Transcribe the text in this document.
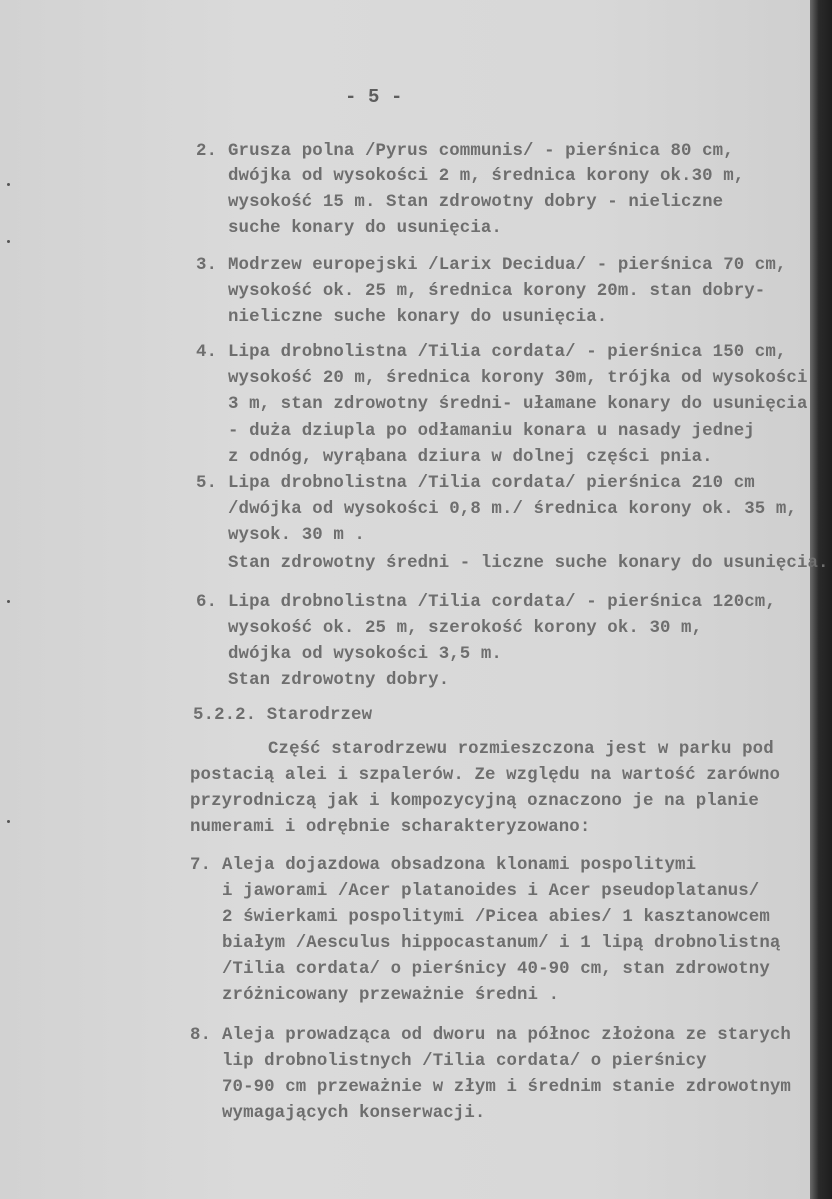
- 5 -
2. Grusza polna /Pyrus communis/ - pierśnica 80 cm,
dwójka od wysokości 2 m, średnica korony ok.30 m,
wysokość 15 m. Stan zdrowotny dobry - nieliczne
suche konary do usunięcia.
3. Modrzew europejski /Larix Decidua/ - pierśnica 70 cm,
wysokość ok. 25 m, średnica korony 20m. stan dobry-
nieliczne suche konary do usunięcia.
4. Lipa drobnolistna /Tilia cordata/ - pierśnica 150 cm,
wysokość 20 m, średnica korony 30m, trójka od wysokości
3 m, stan zdrowotny średni- ułamane konary do usunięcia
- duża dziupla po odłamaniu konara u nasady jednej
z odnóg, wyrąbana dziura w dolnej części pnia.
5. Lipa drobnolistna /Tilia cordata/ pierśnica 210 cm
/dwójka od wysokości 0,8 m./ średnica korony ok. 35 m,
wysok. 30 m .
Stan zdrowotny średni - liczne suche konary do usunięcia.
6. Lipa drobnolistna /Tilia cordata/ - pierśnica 120cm,
wysokość ok. 25 m, szerokość korony ok. 30 m,
dwójka od wysokości 3,5 m.
Stan zdrowotny dobry.
5.2.2. Starodrzew
Część starodrzewu rozmieszczona jest w parku pod
postacią alei i szpalerów. Ze względu na wartość zarówno
przyrodniczą jak i kompozycyjną oznaczono je na planie
numerami i odrębnie scharakteryzowano:
7. Aleja dojazdowa obsadzona klonami pospolitymi
i jaworami /Acer platanoides i Acer pseudoplatanus/
2 świerkami pospolitymi /Picea abies/ 1 kasztanowcem
białym /Aesculus hippocastanum/ i 1 lipą drobnolistną
/Tilia cordata/ o pierśnicy 40-90 cm, stan zdrowotny
zróżnicowany przeważnie średni .
8. Aleja prowadząca od dworu na północ złożona ze starych
lip drobnolistnych /Tilia cordata/ o pierśnicy
70-90 cm przeważnie w złym i średnim stanie zdrowotnym
wymagających konserwacji.
